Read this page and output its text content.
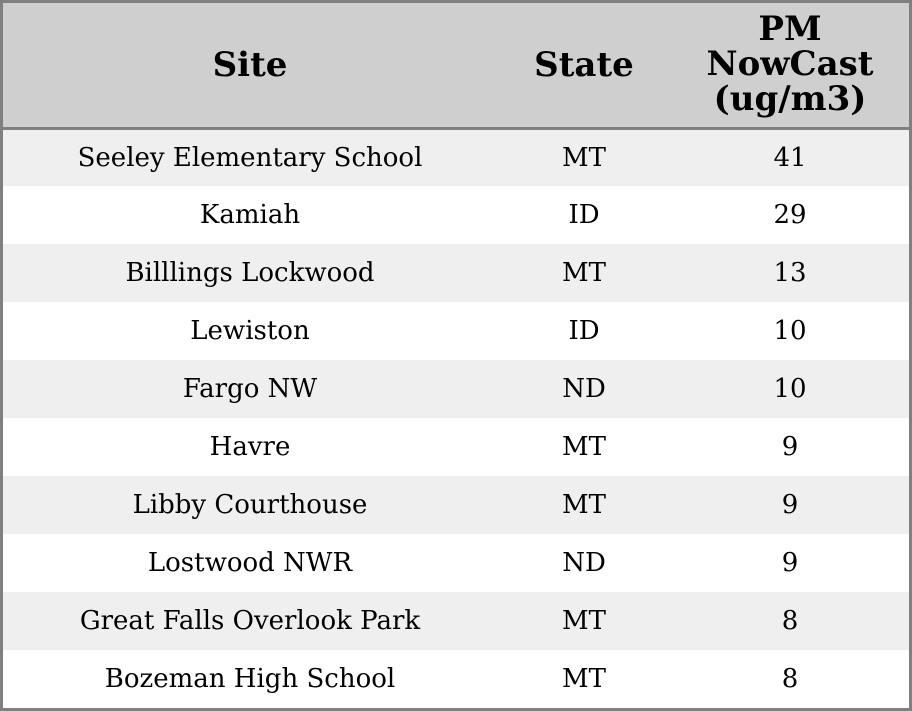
Site	State	PM
NowCast
(ug/m3)

Seeley Elementary School	MT	41
Kamiah	ID	29
Billlings Lockwood	MT	13
Lewiston	ID	10
Fargo NW	ND	10
Havre	MT	9
Libby Courthouse	MT	9
Lostwood NWR	ND	9
Great Falls Overlook Park	MT	8
Bozeman High School	MT	8
